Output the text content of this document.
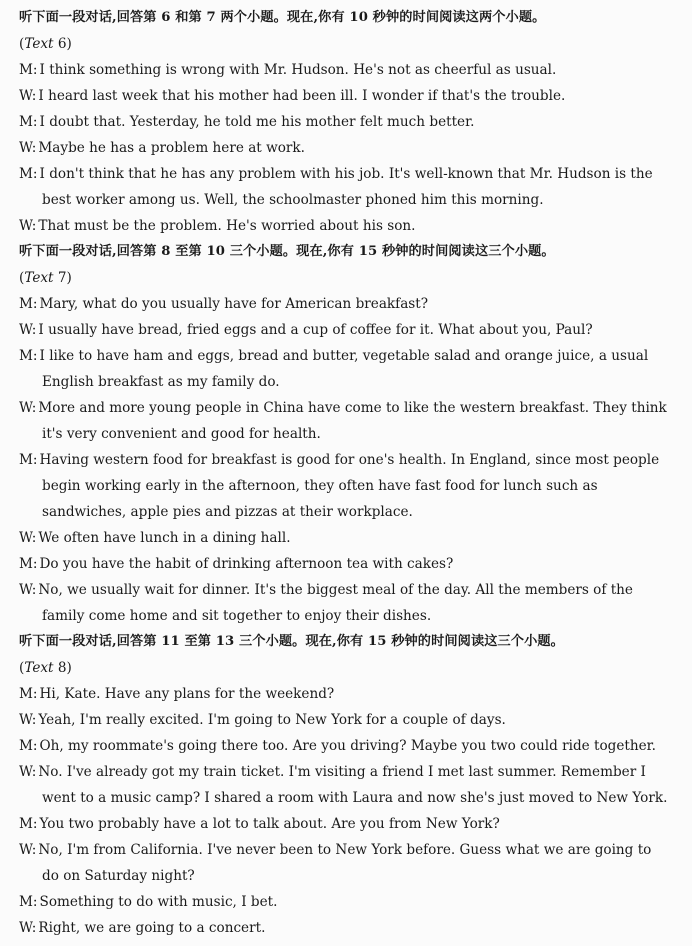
听下面一段对话,回答第 6 和第 7 两个小题。现在,你有 10 秒钟的时间阅读这两个小题。
(Text 6)
M: I think something is wrong with Mr. Hudson. He's not as cheerful as usual.
W: I heard last week that his mother had been ill. I wonder if that's the trouble.
M: I doubt that. Yesterday, he told me his mother felt much better.
W: Maybe he has a problem here at work.
M: I don't think that he has any problem with his job. It's well-known that Mr. Hudson is the
best worker among us. Well, the schoolmaster phoned him this morning.
W: That must be the problem. He's worried about his son.
听下面一段对话,回答第 8 至第 10 三个小题。现在,你有 15 秒钟的时间阅读这三个小题。
(Text 7)
M: Mary, what do you usually have for American breakfast?
W: I usually have bread, fried eggs and a cup of coffee for it. What about you, Paul?
M: I like to have ham and eggs, bread and butter, vegetable salad and orange juice, a usual
English breakfast as my family do.
W: More and more young people in China have come to like the western breakfast. They think
it's very convenient and good for health.
M: Having western food for breakfast is good for one's health. In England, since most people
begin working early in the afternoon, they often have fast food for lunch such as
sandwiches, apple pies and pizzas at their workplace.
W: We often have lunch in a dining hall.
M: Do you have the habit of drinking afternoon tea with cakes?
W: No, we usually wait for dinner. It's the biggest meal of the day. All the members of the
family come home and sit together to enjoy their dishes.
听下面一段对话,回答第 11 至第 13 三个小题。现在,你有 15 秒钟的时间阅读这三个小题。
(Text 8)
M: Hi, Kate. Have any plans for the weekend?
W: Yeah, I'm really excited. I'm going to New York for a couple of days.
M: Oh, my roommate's going there too. Are you driving? Maybe you two could ride together.
W: No. I've already got my train ticket. I'm visiting a friend I met last summer. Remember I
went to a music camp? I shared a room with Laura and now she's just moved to New York.
M: You two probably have a lot to talk about. Are you from New York?
W: No, I'm from California. I've never been to New York before. Guess what we are going to
do on Saturday night?
M: Something to do with music, I bet.
W: Right, we are going to a concert.
